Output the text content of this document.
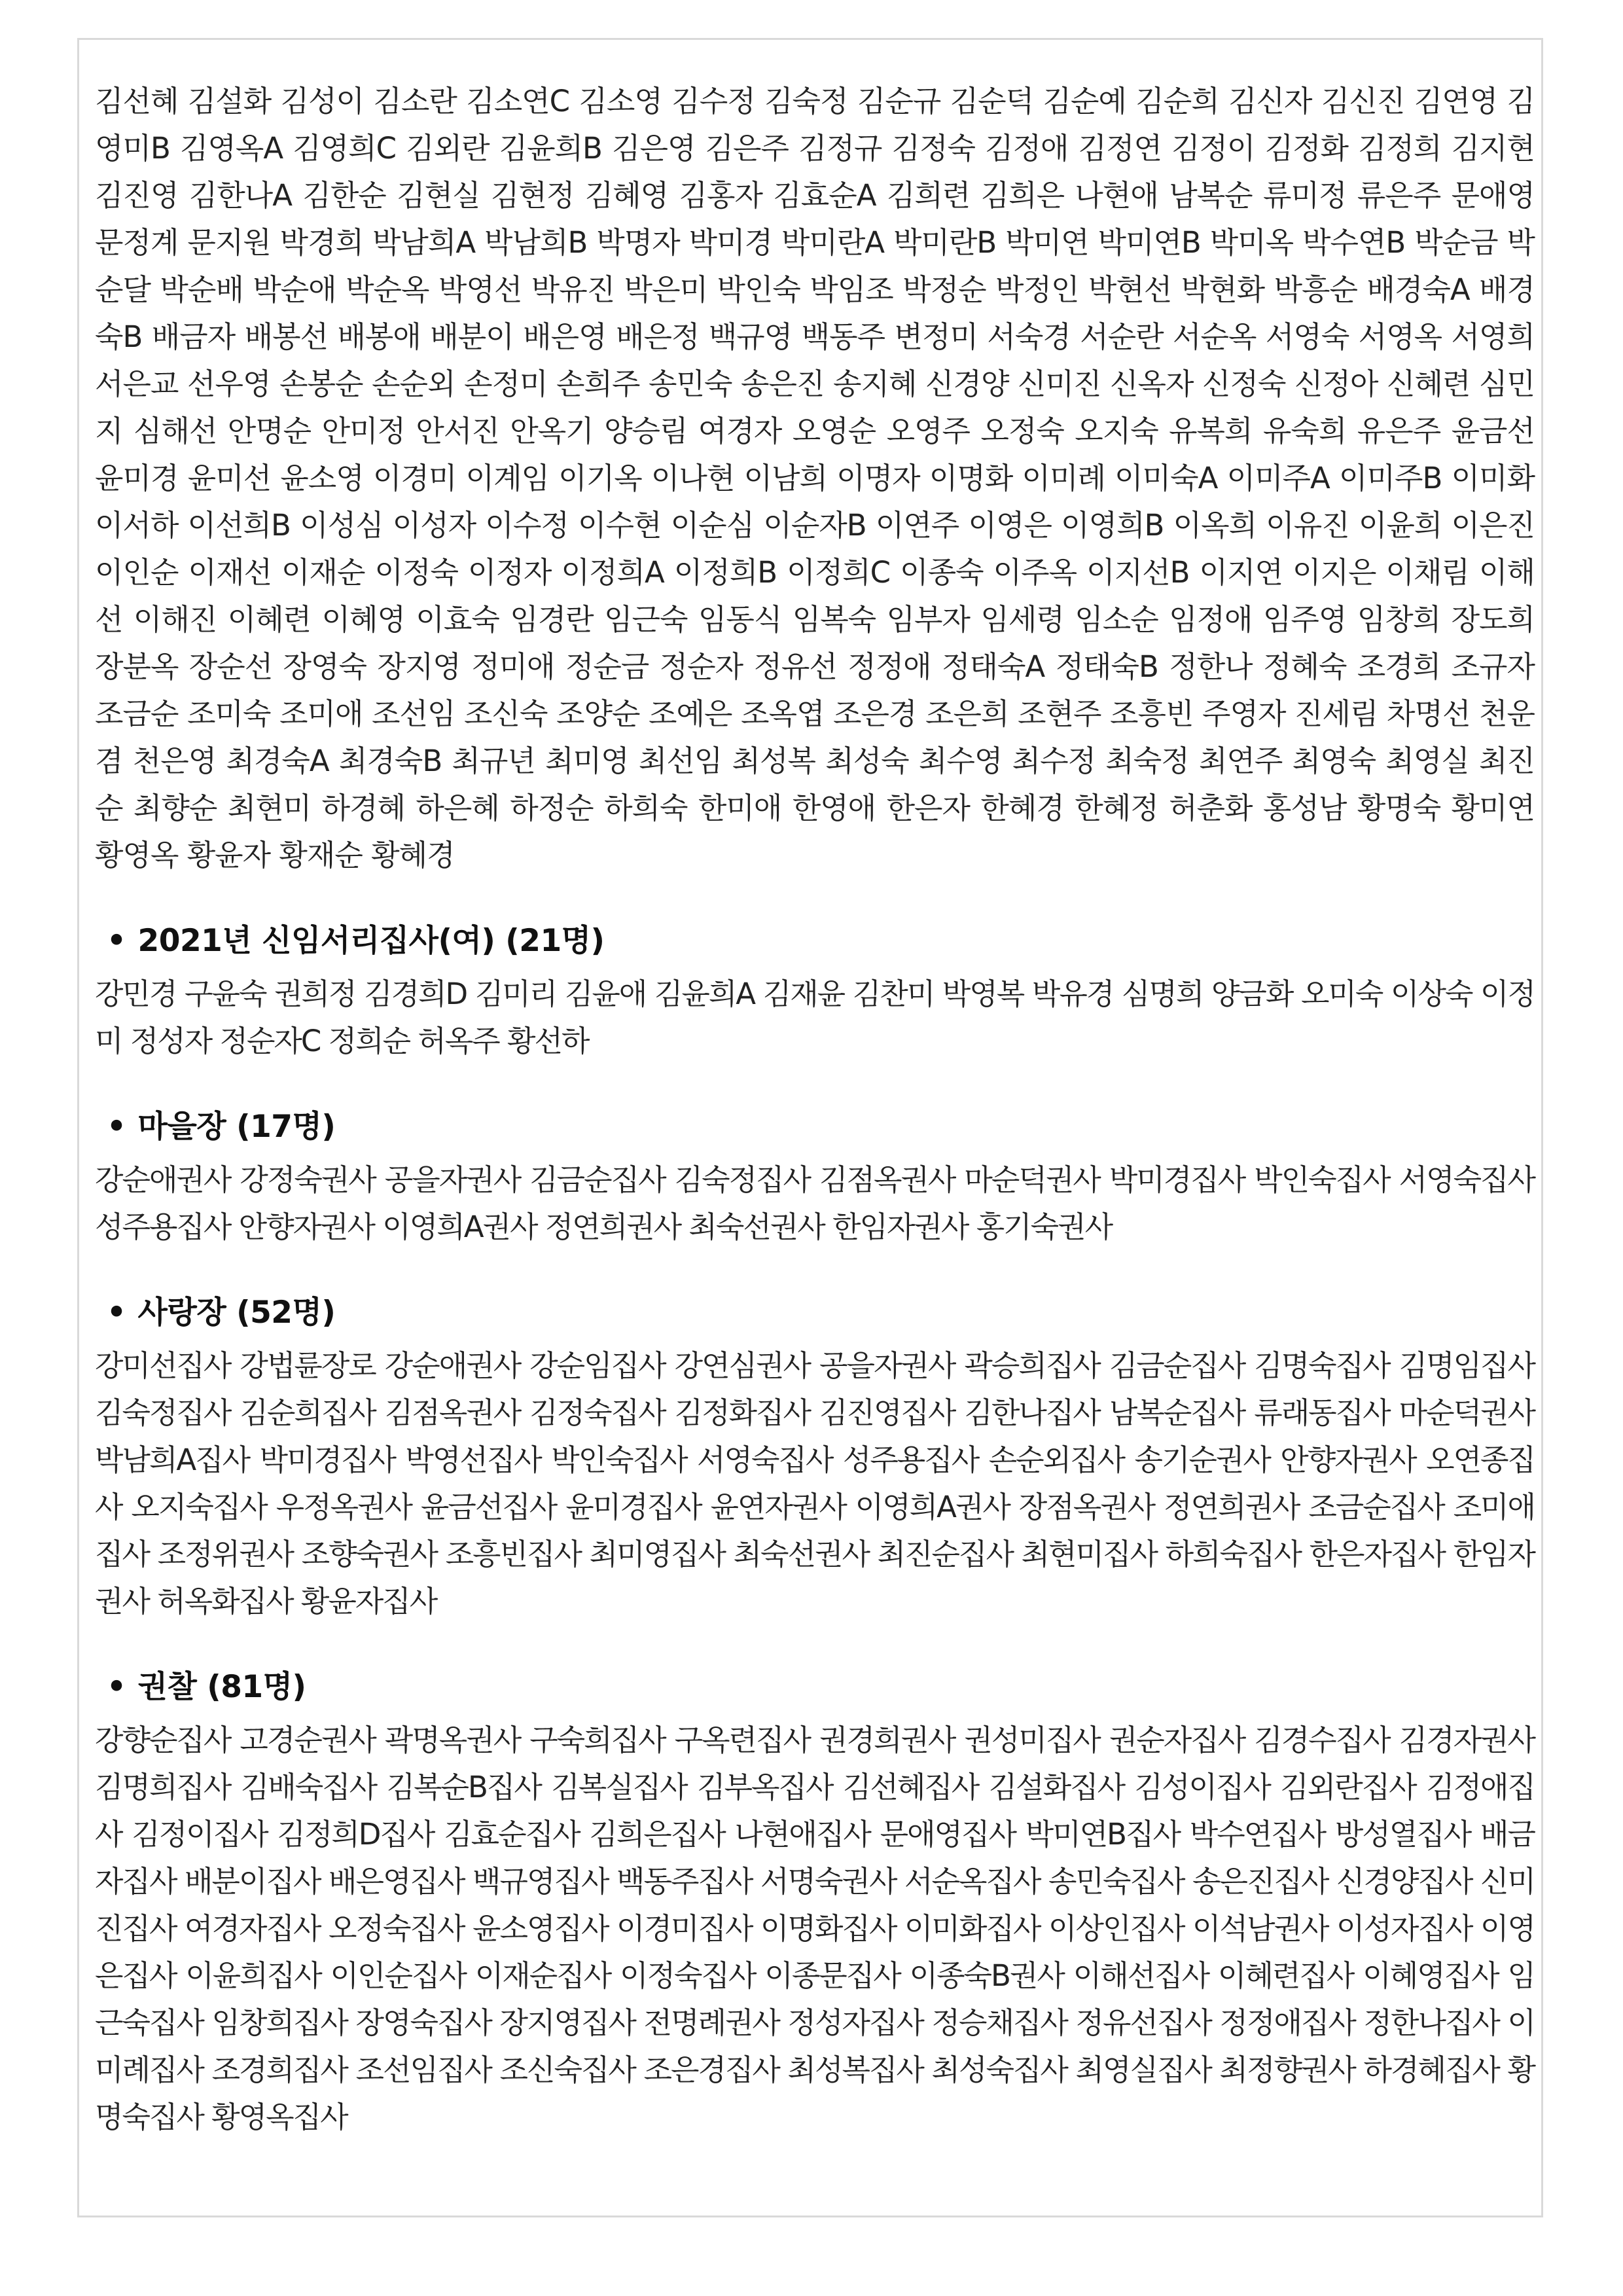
김선혜 김설화 김성이 김소란 김소연C 김소영 김수정 김숙정 김순규 김순덕 김순예 김순희 김신자 김신진 김연영 김영미B 김영옥A 김영희C 김외란 김윤희B 김은영 김은주 김정규 김정숙 김정애 김정연 김정이 김정화 김정희 김지현 김진영 김한나A 김한순 김현실 김현정 김혜영 김홍자 김효순A 김희련 김희은 나현애 남복순 류미정 류은주 문애영 문정계 문지원 박경희 박남희A 박남희B 박명자 박미경 박미란A 박미란B 박미연 박미연B 박미옥 박수연B 박순금 박순달 박순배 박순애 박순옥 박영선 박유진 박은미 박인숙 박임조 박정순 박정인 박현선 박현화 박흥순 배경숙A 배경숙B 배금자 배봉선 배봉애 배분이 배은영 배은정 백규영 백동주 변정미 서숙경 서순란 서순옥 서영숙 서영옥 서영희 서은교 선우영 손봉순 손순외 손정미 손희주 송민숙 송은진 송지혜 신경양 신미진 신옥자 신정숙 신정아 신혜련 심민지 심해선 안명순 안미정 안서진 안옥기 양승림 여경자 오영순 오영주 오정숙 오지숙 유복희 유숙희 유은주 윤금선 윤미경 윤미선 윤소영 이경미 이계임 이기옥 이나현 이남희 이명자 이명화 이미례 이미숙A 이미주A 이미주B 이미화 이서하 이선희B 이성심 이성자 이수정 이수현 이순심 이순자B 이연주 이영은 이영희B 이옥희 이유진 이윤희 이은진 이인순 이재선 이재순 이정숙 이정자 이정희A 이정희B 이정희C 이종숙 이주옥 이지선B 이지연 이지은 이채림 이해선 이해진 이혜련 이혜영 이효숙 임경란 임근숙 임동식 임복숙 임부자 임세령 임소순 임정애 임주영 임창희 장도희 장분옥 장순선 장영숙 장지영 정미애 정순금 정순자 정유선 정정애 정태숙A 정태숙B 정한나 정혜숙 조경희 조규자 조금순 조미숙 조미애 조선임 조신숙 조양순 조예은 조옥엽 조은경 조은희 조현주 조흥빈 주영자 진세림 차명선 천운겸 천은영 최경숙A 최경숙B 최규년 최미영 최선임 최성복 최성숙 최수영 최수정 최숙정 최연주 최영숙 최영실 최진순 최향순 최현미 하경혜 하은혜 하정순 하희숙 한미애 한영애 한은자 한혜경 한혜정 허춘화 홍성남 황명숙 황미연 황영옥 황윤자 황재순 황혜경

• 2021년 신임서리집사(여) (21명)

강민경 구윤숙 권희정 김경희D 김미리 김윤애 김윤희A 김재윤 김찬미 박영복 박유경 심명희 양금화 오미숙 이상숙 이정미 정성자 정순자C 정희순 허옥주 황선하

• 마을장 (17명)

강순애권사 강정숙권사 공을자권사 김금순집사 김숙정집사 김점옥권사 마순덕권사 박미경집사 박인숙집사 서영숙집사 성주용집사 안향자권사 이영희A권사 정연희권사 최숙선권사 한임자권사 홍기숙권사

• 사랑장 (52명)

강미선집사 강법륜장로 강순애권사 강순임집사 강연심권사 공을자권사 곽승희집사 김금순집사 김명숙집사 김명임집사 김숙정집사 김순희집사 김점옥권사 김정숙집사 김정화집사 김진영집사 김한나집사 남복순집사 류래동집사 마순덕권사 박남희A집사 박미경집사 박영선집사 박인숙집사 서영숙집사 성주용집사 손순외집사 송기순권사 안향자권사 오연종집사 오지숙집사 우정옥권사 윤금선집사 윤미경집사 윤연자권사 이영희A권사 장점옥권사 정연희권사 조금순집사 조미애집사 조정위권사 조향숙권사 조흥빈집사 최미영집사 최숙선권사 최진순집사 최현미집사 하희숙집사 한은자집사 한임자권사 허옥화집사 황윤자집사

• 권찰 (81명)

강향순집사 고경순권사 곽명옥권사 구숙희집사 구옥련집사 권경희권사 권성미집사 권순자집사 김경수집사 김경자권사 김명희집사 김배숙집사 김복순B집사 김복실집사 김부옥집사 김선혜집사 김설화집사 김성이집사 김외란집사 김정애집사 김정이집사 김정희D집사 김효순집사 김희은집사 나현애집사 문애영집사 박미연B집사 박수연집사 방성열집사 배금자집사 배분이집사 배은영집사 백규영집사 백동주집사 서명숙권사 서순옥집사 송민숙집사 송은진집사 신경양집사 신미진집사 여경자집사 오정숙집사 윤소영집사 이경미집사 이명화집사 이미화집사 이상인집사 이석남권사 이성자집사 이영은집사 이윤희집사 이인순집사 이재순집사 이정숙집사 이종문집사 이종숙B권사 이해선집사 이혜련집사 이혜영집사 임근숙집사 임창희집사 장영숙집사 장지영집사 전명례권사 정성자집사 정승채집사 정유선집사 정정애집사 정한나집사 이미례집사 조경희집사 조선임집사 조신숙집사 조은경집사 최성복집사 최성숙집사 최영실집사 최정향권사 하경혜집사 황명숙집사 황영옥집사
